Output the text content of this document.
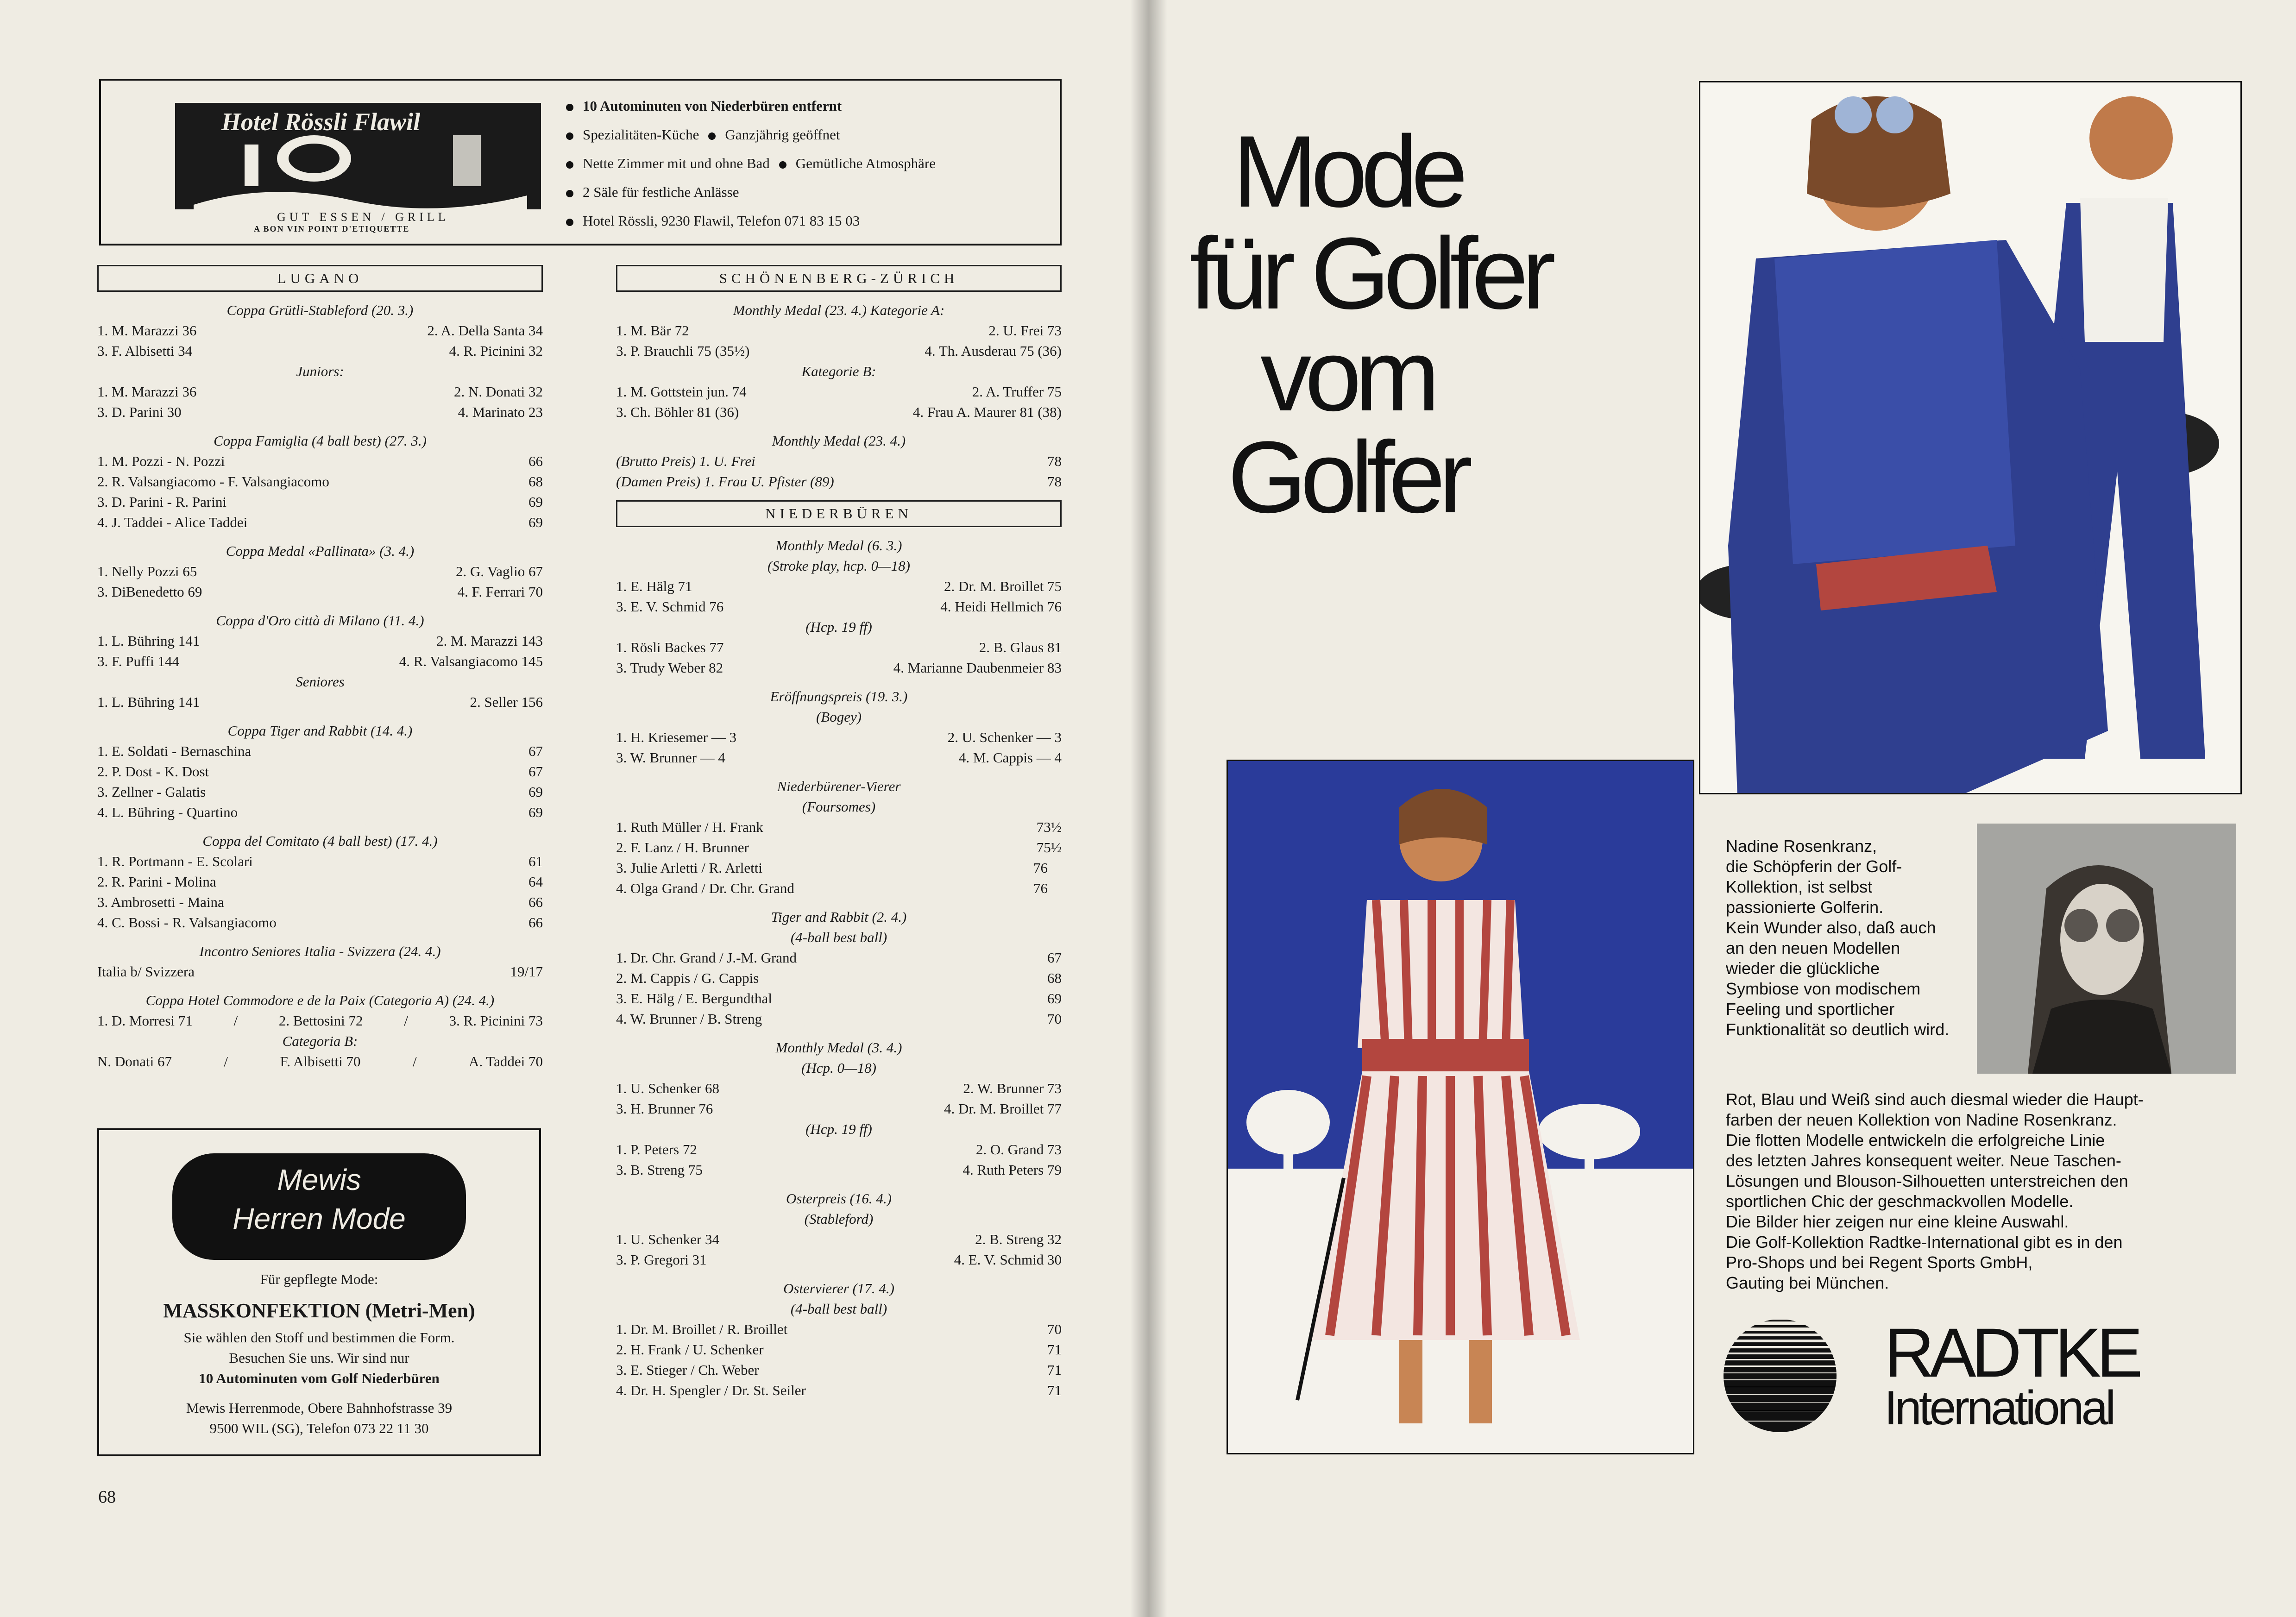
Hotel Rössli Flawil
GUT ESSEN / GRILL
A BON VIN POINT D'ETIQUETTE
10 Autominuten von Niederbüren entfernt
Spezialitäten-Küche Ganzjährig geöffnet
Nette Zimmer mit und ohne Bad Gemütliche Atmosphäre
2 Säle für festliche Anlässe
Hotel Rössli, 9230 Flawil, Telefon 071 83 15 03
LUGANO
Coppa Grütli-Stableford (20. 3.)
1. M. Marazzi 36	2. A. Della Santa 34
3. F. Albisetti 34	4. R. Picinini 32
Juniors:
1. M. Marazzi 36	2. N. Donati 32
3. D. Parini 30	4. Marinato 23
Coppa Famiglia (4 ball best) (27. 3.)
1. M. Pozzi - N. Pozzi	66
2. R. Valsangiacomo - F. Valsangiacomo	68
3. D. Parini - R. Parini	69
4. J. Taddei - Alice Taddei	69
Coppa Medal «Pallinata» (3. 4.)
1. Nelly Pozzi 65	2. G. Vaglio 67
3. DiBenedetto 69	4. F. Ferrari 70
Coppa d'Oro città di Milano (11. 4.)
1. L. Bühring 141	2. M. Marazzi 143
3. F. Puffi 144	4. R. Valsangiacomo 145
Seniores
1. L. Bühring 141	2. Seller 156
Coppa Tiger and Rabbit (14. 4.)
1. E. Soldati - Bernaschina	67
2. P. Dost - K. Dost	67
3. Zellner - Galatis	69
4. L. Bühring - Quartino	69
Coppa del Comitato (4 ball best) (17. 4.)
1. R. Portmann - E. Scolari	61
2. R. Parini - Molina	64
3. Ambrosetti - Maina	66
4. C. Bossi - R. Valsangiacomo	66
Incontro Seniores Italia - Svizzera (24. 4.)
Italia b/ Svizzera	19/17
Coppa Hotel Commodore e de la Paix (Categoria A) (24. 4.)
1. D. Morresi 71	/	2. Bettosini 72	/	3. R. Picinini 73
Categoria B:
N. Donati 67	/	F. Albisetti 70	/	A. Taddei 70
Mewis
Herren Mode
Für gepflegte Mode:
MASSKONFEKTION (Metri-Men)
Sie wählen den Stoff und bestimmen die Form.
Besuchen Sie uns. Wir sind nur
10 Autominuten vom Golf Niederbüren
Mewis Herrenmode, Obere Bahnhofstrasse 39
9500 WIL (SG), Telefon 073 22 11 30
SCHÖNENBERG-ZÜRICH
Monthly Medal (23. 4.) Kategorie A:
1. M. Bär 72	2. U. Frei 73
3. P. Brauchli 75 (35½)	4. Th. Ausderau 75 (36)
Kategorie B:
1. M. Gottstein jun. 74	2. A. Truffer 75
3. Ch. Böhler 81 (36)	4. Frau A. Maurer 81 (38)
Monthly Medal (23. 4.)
(Brutto Preis) 1. U. Frei	78
(Damen Preis) 1. Frau U. Pfister (89)	78
NIEDERBÜREN
Monthly Medal (6. 3.)
(Stroke play, hcp. 0—18)
1. E. Hälg 71	2. Dr. M. Broillet 75
3. E. V. Schmid 76	4. Heidi Hellmich 76
(Hcp. 19 ff)
1. Rösli Backes 77	2. B. Glaus 81
3. Trudy Weber 82	4. Marianne Daubenmeier 83
Eröffnungspreis (19. 3.)
(Bogey)
1. H. Kriesemer — 3	2. U. Schenker — 3
3. W. Brunner — 4	4. M. Cappis — 4
Niederbürener-Vierer
(Foursomes)
1. Ruth Müller / H. Frank	73½
2. F. Lanz / H. Brunner	75½
3. Julie Arletti / R. Arletti	76
4. Olga Grand / Dr. Chr. Grand	76
Tiger and Rabbit (2. 4.)
(4-ball best ball)
1. Dr. Chr. Grand / J.-M. Grand	67
2. M. Cappis / G. Cappis	68
3. E. Hälg / E. Bergundthal	69
4. W. Brunner / B. Streng	70
Monthly Medal (3. 4.)
(Hcp. 0—18)
1. U. Schenker 68	2. W. Brunner 73
3. H. Brunner 76	4. Dr. M. Broillet 77
(Hcp. 19 ff)
1. P. Peters 72	2. O. Grand 73
3. B. Streng 75	4. Ruth Peters 79
Osterpreis (16. 4.)
(Stableford)
1. U. Schenker 34	2. B. Streng 32
3. P. Gregori 31	4. E. V. Schmid 30
Ostervierer (17. 4.)
(4-ball best ball)
1. Dr. M. Broillet / R. Broillet	70
2. H. Frank / U. Schenker	71
3. E. Stieger / Ch. Weber	71
4. Dr. H. Spengler / Dr. St. Seiler	71
68
Mode
für Golfer
vom
Golfer
Nadine Rosenkranz,
die Schöpferin der Golf-
Kollektion, ist selbst
passionierte Golferin.
Kein Wunder also, daß auch
an den neuen Modellen
wieder die glückliche
Symbiose von modischem
Feeling und sportlicher
Funktionalität so deutlich wird.
Rot, Blau und Weiß sind auch diesmal wieder die Haupt-
farben der neuen Kollektion von Nadine Rosenkranz.
Die flotten Modelle entwickeln die erfolgreiche Linie
des letzten Jahres konsequent weiter. Neue Taschen-
Lösungen und Blouson-Silhouetten unterstreichen den
sportlichen Chic der geschmackvollen Modelle.
Die Bilder hier zeigen nur eine kleine Auswahl.
Die Golf-Kollektion Radtke-International gibt es in den
Pro-Shops und bei Regent Sports GmbH,
Gauting bei München.
RADTKE
International
